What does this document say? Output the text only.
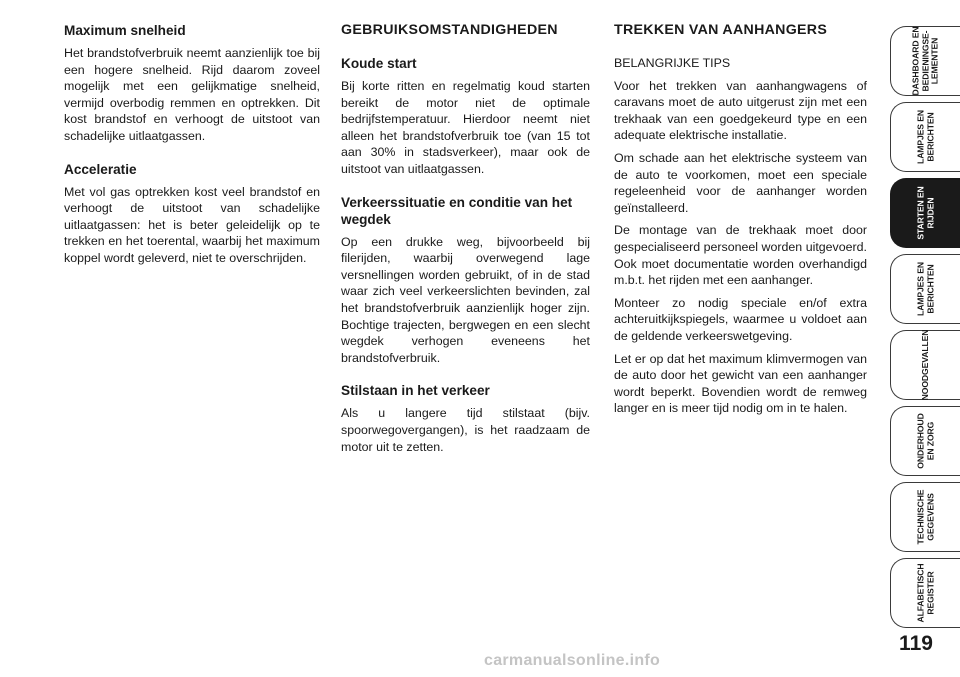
Maximum snelheid

Het brandstofverbruik neemt aanzienlijk toe bij een hogere snelheid. Rijd daarom zoveel mogelijk met een gelijkmatige snelheid, vermijd overbodig remmen en optrekken. Dit kost brandstof en verhoogt de uitstoot van schadelijke uitlaatgassen.

Acceleratie

Met vol gas optrekken kost veel brandstof en verhoogt de uitstoot van schadelijke uitlaatgassen: het is beter geleidelijk op te trekken en het toerental, waarbij het maximum koppel wordt geleverd, niet te overschrijden.

GEBRUIKSOMSTANDIGHEDEN
Koude start

Bij korte ritten en regelmatig koud starten bereikt de motor niet de optimale bedrijfstemperatuur. Hierdoor neemt niet alleen het brandstofverbruik toe (van 15 tot aan 30% in stadsverkeer), maar ook de uitstoot van uitlaatgassen.

Verkeerssituatie en conditie van het wegdek

Op een drukke weg, bijvoorbeeld bij filerijden, waarbij overwegend lage versnellingen worden gebruikt, of in de stad waar zich veel verkeerslichten bevinden, zal het brandstofverbruik aanzienlijk hoger zijn. Bochtige trajecten, bergwegen en een slecht wegdek verhogen eveneens het brandstofverbruik.

Stilstaan in het verkeer

Als u langere tijd stilstaat (bijv. spoorwegovergangen), is het raadzaam de motor uit te zetten.

TREKKEN VAN AANHANGERS

BELANGRIJKE TIPS

Voor het trekken van aanhangwagens of caravans moet de auto uitgerust zijn met een trekhaak van een goedgekeurd type en een adequate elektrische installatie.

Om schade aan het elektrische systeem van de auto te voorkomen, moet een speciale regeleenheid voor de aanhanger worden geïnstalleerd.

De montage van de trekhaak moet door gespecialiseerd personeel worden uitgevoerd. Ook moet documentatie worden overhandigd m.b.t. het rijden met een aanhanger.

Monteer zo nodig speciale en/of extra achteruitkijkspiegels, waarmee u voldoet aan de geldende verkeerswetgeving.

Let er op dat het maximum klimvermogen van de auto door het gewicht van een aanhanger wordt beperkt. Bovendien wordt de remweg langer en is meer tijd nodig om in te halen.

DASHBOARD EN
BEDIENINGSE-
LEMENTEN
LAMPJES EN
BERICHTEN
STARTEN EN
RIJDEN
LAMPJES EN
BERICHTEN
NOODGEVALLEN
ONDERHOUD
EN ZORG
TECHNISCHE
GEGEVENS
ALFABETISCH
REGISTER
119
carmanualsonline.info
